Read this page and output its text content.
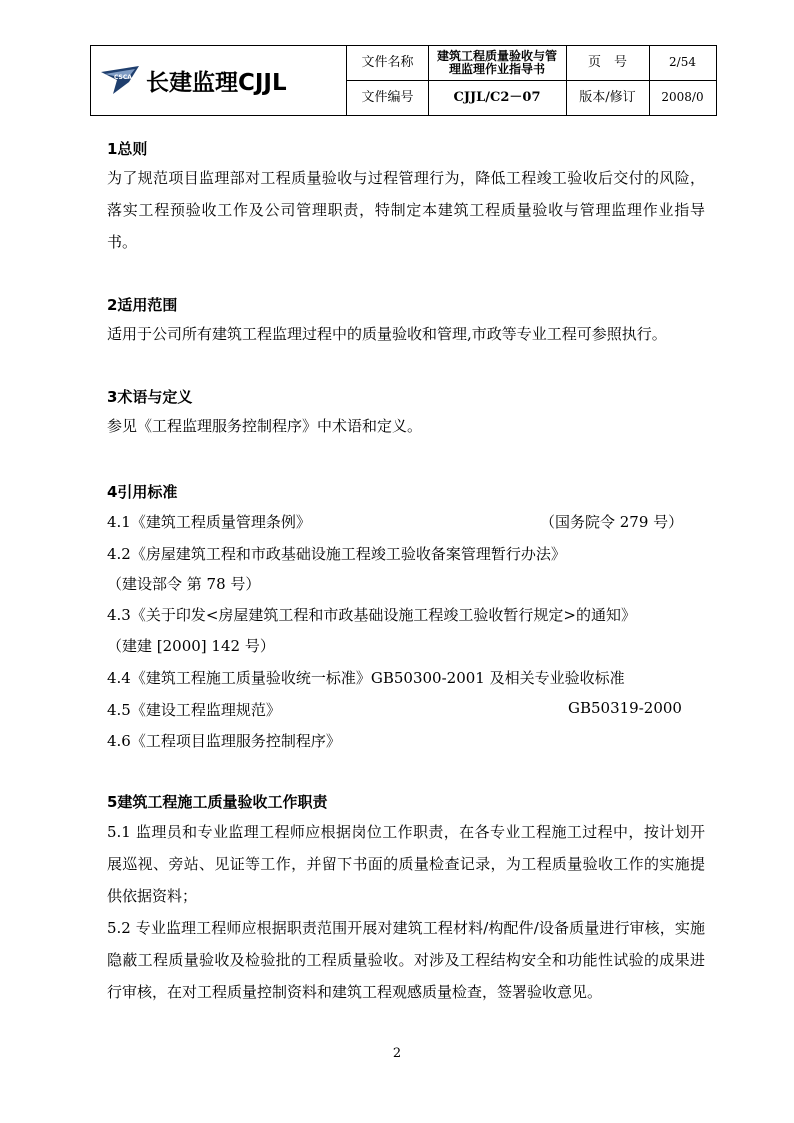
CSCA 长建监理CJJL
文件名称	建筑工程质量验收与管理监理作业指导书	页　号	2/54
文件编号	CJJL/C2－07	版本/修订	2008/0
1总则
为了规范项目监理部对工程质量验收与过程管理行为，降低工程竣工验收后交付的风险，落实工程预验收工作及公司管理职责，特制定本建筑工程质量验收与管理监理作业指导书。
2适用范围
适用于公司所有建筑工程监理过程中的质量验收和管理,市政等专业工程可参照执行。
3术语与定义
参见《工程监理服务控制程序》中术语和定义。
4引用标准
4.1《建筑工程质量管理条例》	（国务院令 279 号）
4.2《房屋建筑工程和市政基础设施工程竣工验收备案管理暂行办法》
（建设部令 第 78 号）
4.3《关于印发<房屋建筑工程和市政基础设施工程竣工验收暂行规定>的通知》
（建建 [2000] 142 号）
4.4《建筑工程施工质量验收统一标准》GB50300-2001 及相关专业验收标准
4.5《建设工程监理规范》	GB50319-2000
4.6《工程项目监理服务控制程序》
5建筑工程施工质量验收工作职责
5.1 监理员和专业监理工程师应根据岗位工作职责，在各专业工程施工过程中，按计划开展巡视、旁站、见证等工作，并留下书面的质量检查记录，为工程质量验收工作的实施提供依据资料；
5.2 专业监理工程师应根据职责范围开展对建筑工程材料/构配件/设备质量进行审核，实施隐蔽工程质量验收及检验批的工程质量验收。对涉及工程结构安全和功能性试验的成果进行审核，在对工程质量控制资料和建筑工程观感质量检查，签署验收意见。
2
